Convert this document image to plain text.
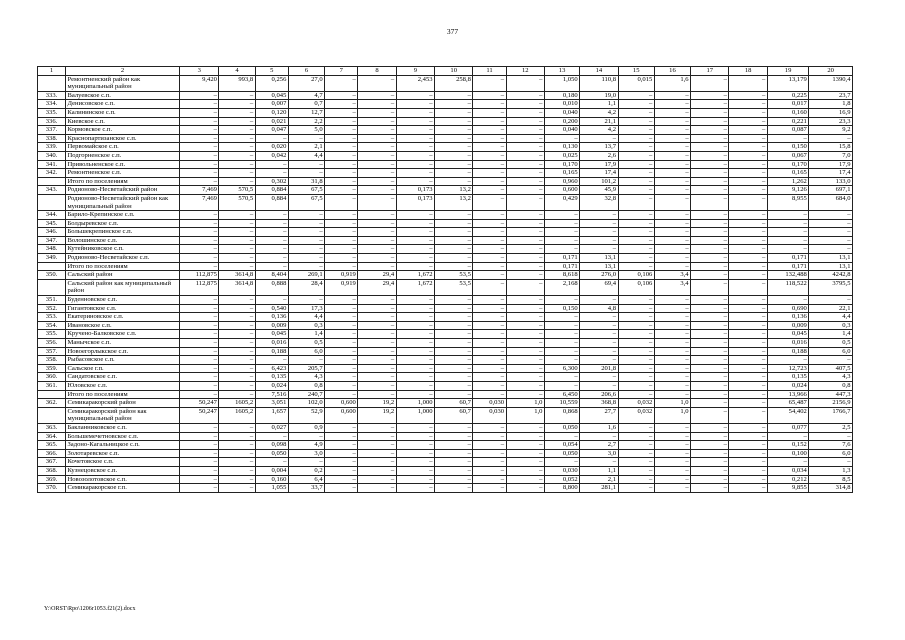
377
1	2	3	4	5	6	7	8	9	10	11	12	13	14	15	16	17	18	19	20
	Ремонтненский район как муниципальный район	9,420	993,8	0,256	27,0	–	–	2,453	258,8	–	–	1,050	110,8	0,015	1,6	–	–	13,179	1390,4
333.	Валуевское с.п.	–	–	0,045	4,7	–	–	–	–	–	–	0,180	19,0	–	–	–	–	0,225	23,7
334.	Денисовское с.п.	–	–	0,007	0,7	–	–	–	–	–	–	0,010	1,1	–	–	–	–	0,017	1,8
335.	Калининское с.п.	–	–	0,120	12,7	–	–	–	–	–	–	0,040	4,2	–	–	–	–	0,160	16,9
336.	Киевское с.п.	–	–	0,021	2,2	–	–	–	–	–	–	0,200	21,1	–	–	–	–	0,221	23,3
337.	Кормовское с.п.	–	–	0,047	5,0	–	–	–	–	–	–	0,040	4,2	–	–	–	–	0,087	9,2
338.	Краснопартизанское с.п.	–	–	–	–	–	–	–	–	–	–	–	–	–	–	–	–	–	–
339.	Первомайское с.п.	–	–	0,020	2,1	–	–	–	–	–	–	0,130	13,7	–	–	–	–	0,150	15,8
340.	Подгорненское с.п.	–	–	0,042	4,4	–	–	–	–	–	–	0,025	2,6	–	–	–	–	0,067	7,0
341.	Привольненское с.п.	–	–	–	–	–	–	–	–	–	–	0,170	17,9	–	–	–	–	0,170	17,9
342.	Ремонтненское с.п.	–	–	–	–	–	–	–	–	–	–	0,165	17,4	–	–	–	–	0,165	17,4
	Итого по поселениям	–	–	0,302	31,8	–	–	–	–	–	–	0,960	101,2	–	–	–	–	1,262	133,0
343.	Родионово-Несветайский район	7,469	570,5	0,884	67,5	–	–	0,173	13,2	–	–	0,600	45,9	–	–	–	–	9,126	697,1
	Родионово-Несветайский район как муниципальный район	7,469	570,5	0,884	67,5	–	–	0,173	13,2	–	–	0,429	32,8	–	–	–	–	8,955	684,0
344.	Барило-Крепинское с.п.	–	–	–	–	–	–	–	–	–	–	–	–	–	–	–	–	–	–
345.	Болдыревское с.п.	–	–	–	–	–	–	–	–	–	–	–	–	–	–	–	–	–	–
346.	Большекрепинское с.п.	–	–	–	–	–	–	–	–	–	–	–	–	–	–	–	–	–	–
347.	Волошинское с.п.	–	–	–	–	–	–	–	–	–	–	–	–	–	–	–	–	–	–
348.	Кутейниковское с.п.	–	–	–	–	–	–	–	–	–	–	–	–	–	–	–	–	–	–
349.	Родионово-Несветайское с.п.	–	–	–	–	–	–	–	–	–	–	0,171	13,1	–	–	–	–	0,171	13,1
	Итого по поселениям	–	–	–	–	–	–	–	–	–	–	0,171	13,1	–	–	–	–	0,171	13,1
350.	Сальский район	112,875	3614,8	8,404	269,1	0,919	29,4	1,672	53,5	–	–	8,618	276,0	0,106	3,4	–	–	132,488	4242,8
	Сальский район как муниципальный район	112,875	3614,8	0,888	28,4	0,919	29,4	1,672	53,5	–	–	2,168	69,4	0,106	3,4	–	–	118,522	3795,5
351.	Буденновское с.п.	–	–	–	–	–	–	–	–	–	–	–	–	–	–	–	–	–	–
352.	Гигантовское с.п.	–	–	0,540	17,3	–	–	–	–	–	–	0,150	4,8	–	–	–	–	0,690	22,1
353.	Екатериновское с.п.	–	–	0,136	4,4	–	–	–	–	–	–	–	–	–	–	–	–	0,136	4,4
354.	Ивановское с.п.	–	–	0,009	0,3	–	–	–	–	–	–	–	–	–	–	–	–	0,009	0,3
355.	Кручено-Балковское с.п.	–	–	0,045	1,4	–	–	–	–	–	–	–	–	–	–	–	–	0,045	1,4
356.	Манычское с.п.	–	–	0,016	0,5	–	–	–	–	–	–	–	–	–	–	–	–	0,016	0,5
357.	Новоегорлыкское с.п.	–	–	0,188	6,0	–	–	–	–	–	–	–	–	–	–	–	–	0,188	6,0
358.	Рыбасовское с.п.	–	–	–	–	–	–	–	–	–	–	–	–	–	–	–	–	–	–
359.	Сальское г.п.	–	–	6,423	205,7	–	–	–	–	–	–	6,300	201,8	–	–	–	–	12,723	407,5
360.	Сандатовское с.п.	–	–	0,135	4,3	–	–	–	–	–	–	–	–	–	–	–	–	0,135	4,3
361.	Юловское с.п.	–	–	0,024	0,8	–	–	–	–	–	–	–	–	–	–	–	–	0,024	0,8
	Итого по поселениям	–	–	7,516	240,7	–	–	–	–	–	–	6,450	206,6	–	–	–	–	13,966	447,3
362.	Семикаракорский район	50,247	1605,2	3,051	102,0	0,600	19,2	1,000	60,7	0,030	1,0	10,559	368,8	0,032	1,0	–	–	65,487	2156,9
	Семикаракорский район как муниципальный район	50,247	1605,2	1,657	52,9	0,600	19,2	1,000	60,7	0,030	1,0	0,868	27,7	0,032	1,0	–	–	54,402	1766,7
363.	Бакланниковское с.п.	–	–	0,027	0,9	–	–	–	–	–	–	0,050	1,6	–	–	–	–	0,077	2,5
364.	Большемечетновское с.п.	–	–	–	–	–	–	–	–	–	–	–	–	–	–	–	–	–	–
365.	Задоно-Кагальницкое с.п.	–	–	0,098	4,9	–	–	–	–	–	–	0,054	2,7	–	–	–	–	0,152	7,6
366.	Золотаревское с.п.	–	–	0,050	3,0	–	–	–	–	–	–	0,050	3,0	–	–	–	–	0,100	6,0
367.	Кочетовское с.п.	–	–	–	–	–	–	–	–	–	–	–	–	–	–	–	–	–	–
368.	Кузнецовское с.п.	–	–	0,004	0,2	–	–	–	–	–	–	0,030	1,1	–	–	–	–	0,034	1,3
369.	Новозолотовское с.п.	–	–	0,160	6,4	–	–	–	–	–	–	0,052	2,1	–	–	–	–	0,212	8,5
370.	Семикаракорское г.п.	–	–	1,055	33,7	–	–	–	–	–	–	8,800	281,1	–	–	–	–	9,855	314,8
Y:\ORST\Rpo\1206r1053.f21(2).docx
